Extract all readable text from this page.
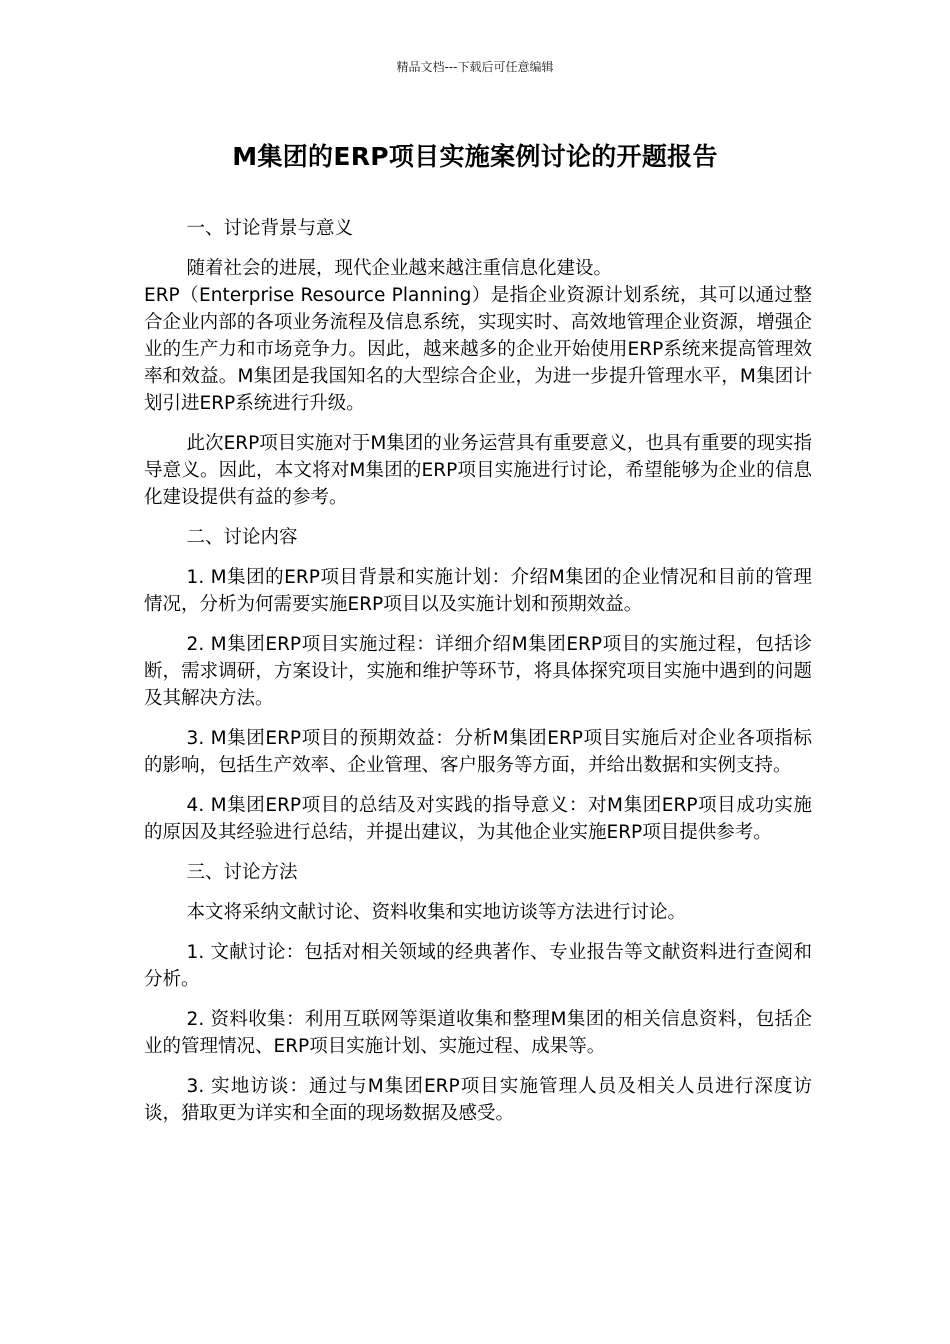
精品文档---下载后可任意编辑
M集团的ERP项目实施案例讨论的开题报告

一、讨论背景与意义

随着社会的进展，现代企业越来越注重信息化建设。

ERP（Enterprise Resource Planning）是指企业资源计划系统，其可以通过整合企业内部的各项业务流程及信息系统，实现实时、高效地管理企业资源，增强企业的生产力和市场竞争力。因此，越来越多的企业开始使用ERP系统来提高管理效率和效益。M集团是我国知名的大型综合企业，为进一步提升管理水平，M集团计划引进ERP系统进行升级。

此次ERP项目实施对于M集团的业务运营具有重要意义，也具有重要的现实指导意义。因此，本文将对M集团的ERP项目实施进行讨论，希望能够为企业的信息化建设提供有益的参考。

二、讨论内容

1. M集团的ERP项目背景和实施计划：介绍M集团的企业情况和目前的管理情况，分析为何需要实施ERP项目以及实施计划和预期效益。

2. M集团ERP项目实施过程：详细介绍M集团ERP项目的实施过程，包括诊断，需求调研，方案设计，实施和维护等环节，将具体探究项目实施中遇到的问题及其解决方法。

3. M集团ERP项目的预期效益：分析M集团ERP项目实施后对企业各项指标的影响，包括生产效率、企业管理、客户服务等方面，并给出数据和实例支持。

4. M集团ERP项目的总结及对实践的指导意义：对M集团ERP项目成功实施的原因及其经验进行总结，并提出建议，为其他企业实施ERP项目提供参考。

三、讨论方法

本文将采纳文献讨论、资料收集和实地访谈等方法进行讨论。

1. 文献讨论：包括对相关领域的经典著作、专业报告等文献资料进行查阅和分析。

2. 资料收集：利用互联网等渠道收集和整理M集团的相关信息资料，包括企业的管理情况、ERP项目实施计划、实施过程、成果等。

3. 实地访谈：通过与M集团ERP项目实施管理人员及相关人员进行深度访谈，猎取更为详实和全面的现场数据及感受。
